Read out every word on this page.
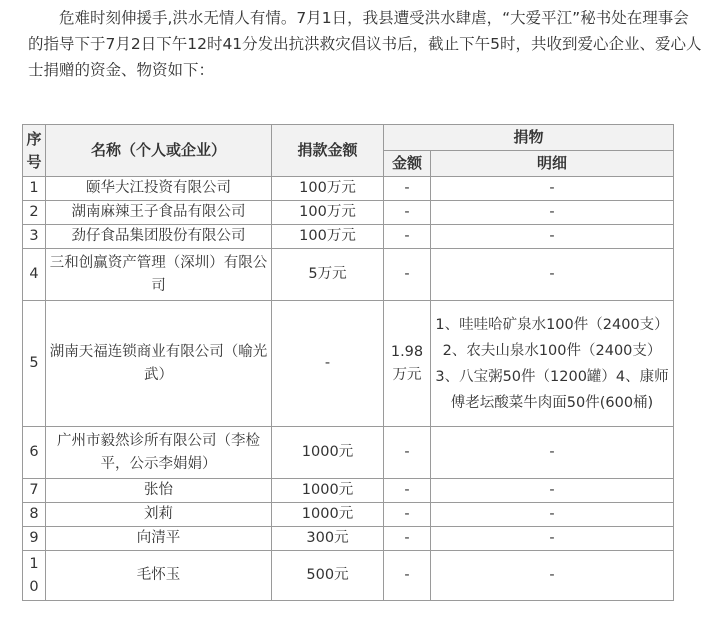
危难时刻伸援手,洪水无情人有情。7月1日，我县遭受洪水肆虐，“大爱平江”秘书处在理事会的指导下于7月2日下午12时41分发出抗洪救灾倡议书后，截止下午5时，共收到爱心企业、爱心人士捐赠的资金、物资如下：

序号	名称（个人或企业）	捐款金额	捐物	
			金额	明细
1	颐华大江投资有限公司	100万元	-	-
2	湖南麻辣王子食品有限公司	100万元	-	-
3	劲仔食品集团股份有限公司	100万元	-	-
4	三和创赢资产管理（深圳）有限公司	5万元	-	-
5	湖南天福连锁商业有限公司（喻光武）	-	1.98万元	1、哇哇哈矿泉水100件（2400支）2、农夫山泉水100件（2400支）3、八宝粥50件（1200罐）4、康师傅老坛酸菜牛肉面50件(600桶)
6	广州市毅然诊所有限公司（李检平，公示李娟娟）	1000元	-	-
7	张怡	1000元	-	-
8	刘莉	1000元	-	-
9	向清平	300元	-	-
10	毛怀玉	500元	-	-
